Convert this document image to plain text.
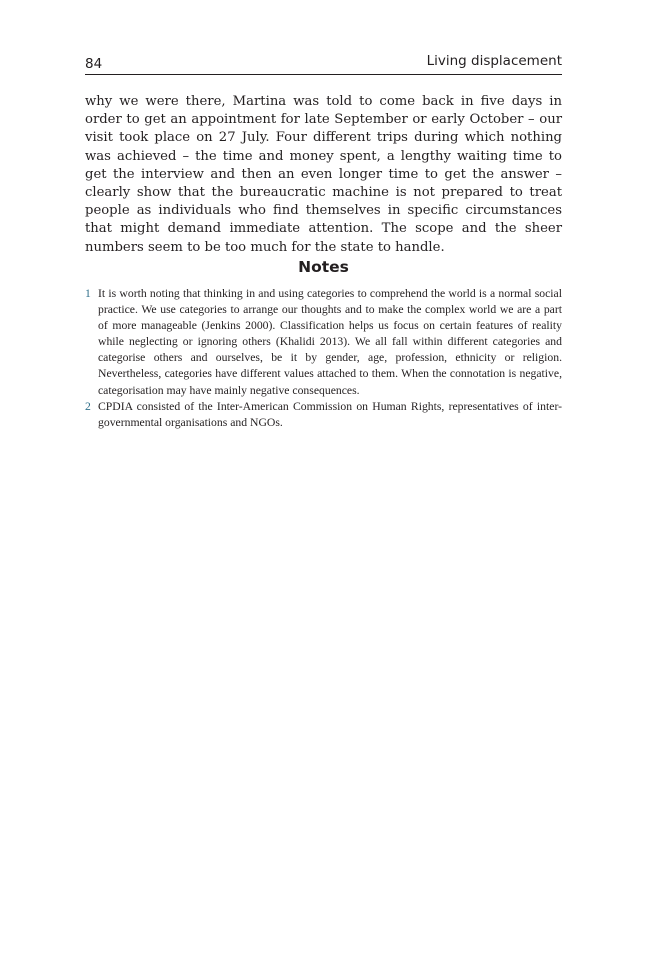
84	Living displacement

why we were there, Martina was told to come back in five days in order to get an appointment for late September or early October – our visit took place on 27 July. Four different trips during which nothing was achieved – the time and money spent, a lengthy waiting time to get the interview and then an even longer time to get the answer – clearly show that the bureaucratic machine is not prepared to treat people as individuals who find themselves in specific circumstances that might demand immediate attention. The scope and the sheer numbers seem to be too much for the state to handle.

Notes
1 It is worth noting that thinking in and using categories to comprehend the world is a normal social practice. We use categories to arrange our thoughts and to make the complex world we are a part of more manageable (Jenkins 2000). Classification helps us focus on certain features of reality while neglecting or ignoring others (Khalidi 2013). We all fall within different categories and categorise others and ourselves, be it by gender, age, profession, ethnicity or religion. Nevertheless, categories have different values attached to them. When the connotation is negative, categorisation may have mainly negative consequences.
2 CPDIA consisted of the Inter-American Commission on Human Rights, representatives of inter-governmental organisations and NGOs.
